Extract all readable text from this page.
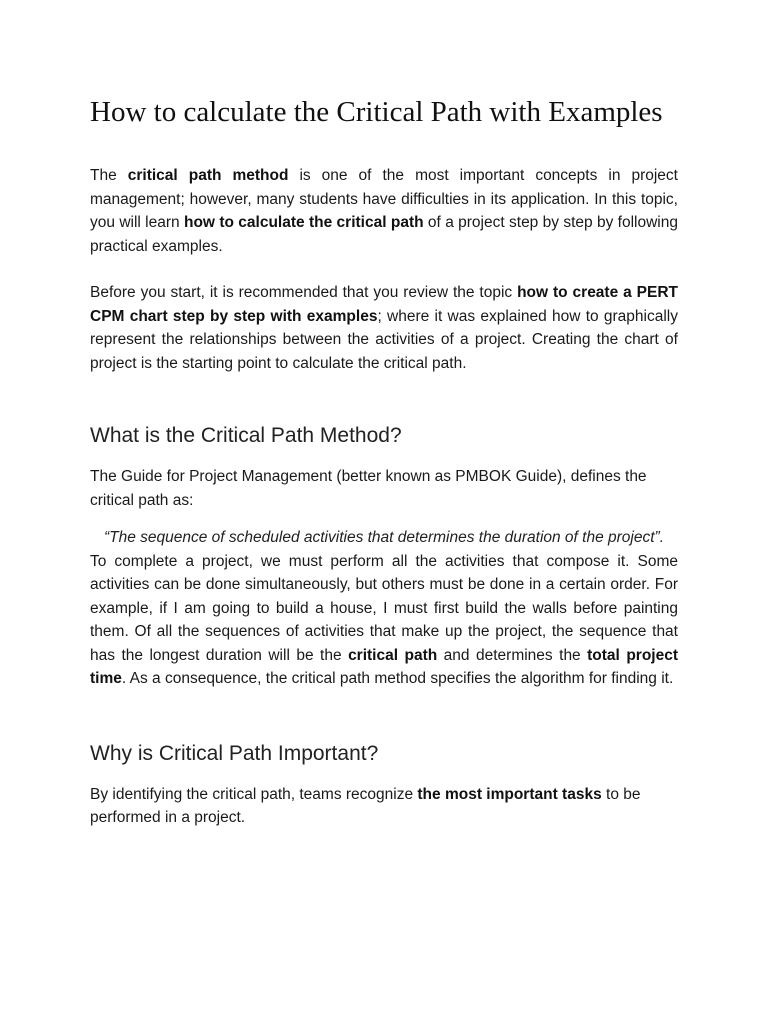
How to calculate the Critical Path with Examples

The critical path method is one of the most important concepts in project management; however, many students have difficulties in its application. In this topic, you will learn how to calculate the critical path of a project step by step by following practical examples.

Before you start, it is recommended that you review the topic how to create a PERT CPM chart step by step with examples; where it was explained how to graphically represent the relationships between the activities of a project. Creating the chart of project is the starting point to calculate the critical path.

What is the Critical Path Method?

The Guide for Project Management (better known as PMBOK Guide), defines the critical path as:

“The sequence of scheduled activities that determines the duration of the project”.

To complete a project, we must perform all the activities that compose it. Some activities can be done simultaneously, but others must be done in a certain order. For example, if I am going to build a house, I must first build the walls before painting them. Of all the sequences of activities that make up the project, the sequence that has the longest duration will be the critical path and determines the total project time. As a consequence, the critical path method specifies the algorithm for finding it.

Why is Critical Path Important?

By identifying the critical path, teams recognize the most important tasks to be performed in a project.
